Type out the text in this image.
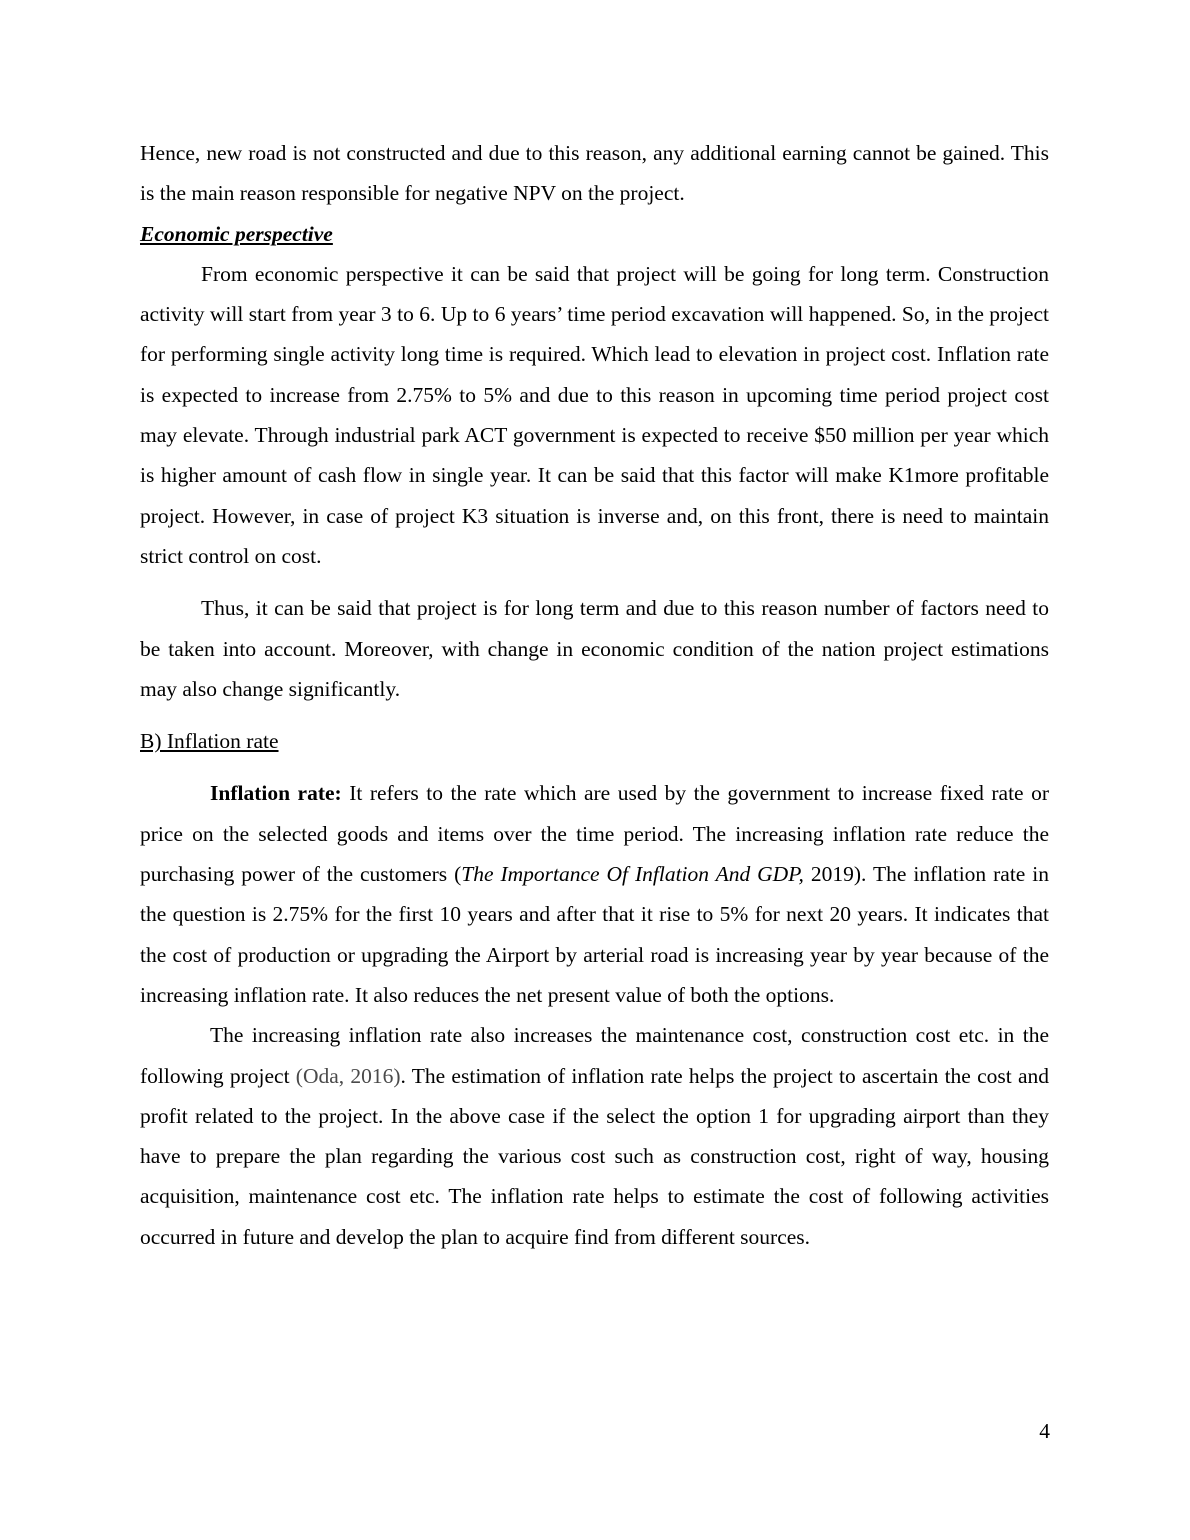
Hence, new road is not constructed and due to this reason, any additional earning cannot be gained. This is the main reason responsible for negative NPV on the project.

Economic perspective

From economic perspective it can be said that project will be going for long term. Construction activity will start from year 3 to 6. Up to 6 years’ time period excavation will happened. So, in the project for performing single activity long time is required. Which lead to elevation in project cost. Inflation rate is expected to increase from 2.75% to 5% and due to this reason in upcoming time period project cost may elevate. Through industrial park ACT government is expected to receive $50 million per year which is higher amount of cash flow in single year. It can be said that this factor will make K1more profitable project. However, in case of project K3 situation is inverse and, on this front, there is need to maintain strict control on cost.

Thus, it can be said that project is for long term and due to this reason number of factors need to be taken into account. Moreover, with change in economic condition of the nation project estimations may also change significantly.

B) Inflation rate

Inflation rate: It refers to the rate which are used by the government to increase fixed rate or price on the selected goods and items over the time period. The increasing inflation rate reduce the purchasing power of the customers (The Importance Of Inflation And GDP, 2019). The inflation rate in the question is 2.75% for the first 10 years and after that it rise to 5% for next 20 years. It indicates that the cost of production or upgrading the Airport by arterial road is increasing year by year because of the increasing inflation rate. It also reduces the net present value of both the options.

The increasing inflation rate also increases the maintenance cost, construction cost etc. in the following project (Oda, 2016). The estimation of inflation rate helps the project to ascertain the cost and profit related to the project. In the above case if the select the option 1 for upgrading airport than they have to prepare the plan regarding the various cost such as construction cost, right of way, housing acquisition, maintenance cost etc. The inflation rate helps to estimate the cost of following activities occurred in future and develop the plan to acquire find from different sources.

4
